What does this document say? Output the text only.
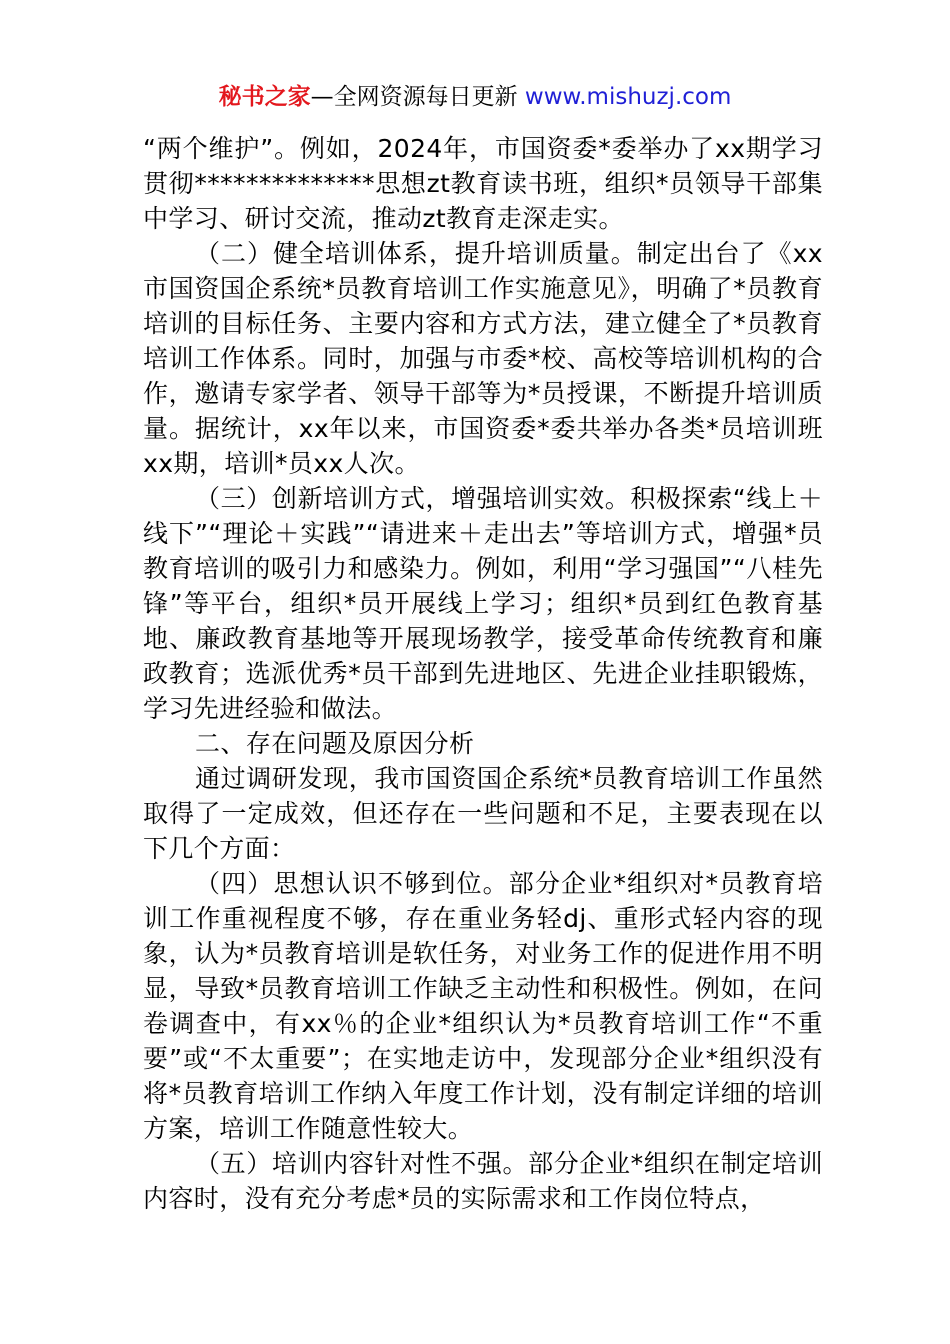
秘书之家—全网资源每日更新 www.mishuzj.com

“两个维护”。例如，2024年，市国资委*委举办了xx期学习贯彻**************思想zt教育读书班，组织*员领导干部集中学习、研讨交流，推动zt教育走深走实。

（二）健全培训体系，提升培训质量。制定出台了《xx市国资国企系统*员教育培训工作实施意见》，明确了*员教育培训的目标任务、主要内容和方式方法，建立健全了*员教育培训工作体系。同时，加强与市委*校、高校等培训机构的合作，邀请专家学者、领导干部等为*员授课，不断提升培训质量。据统计，xx年以来，市国资委*委共举办各类*员培训班xx期，培训*员xx人次。

（三）创新培训方式，增强培训实效。积极探索“线上＋线下”“理论＋实践”“请进来＋走出去”等培训方式，增强*员教育培训的吸引力和感染力。例如，利用“学习强国”“八桂先锋”等平台，组织*员开展线上学习；组织*员到红色教育基地、廉政教育基地等开展现场教学，接受革命传统教育和廉政教育；选派优秀*员干部到先进地区、先进企业挂职锻炼，学习先进经验和做法。

二、存在问题及原因分析

通过调研发现，我市国资国企系统*员教育培训工作虽然取得了一定成效，但还存在一些问题和不足，主要表现在以下几个方面：

（四）思想认识不够到位。部分企业*组织对*员教育培训工作重视程度不够，存在重业务轻dj、重形式轻内容的现象，认为*员教育培训是软任务，对业务工作的促进作用不明显，导致*员教育培训工作缺乏主动性和积极性。例如，在问卷调查中，有xx％的企业*组织认为*员教育培训工作“不重要”或“不太重要”；在实地走访中，发现部分企业*组织没有将*员教育培训工作纳入年度工作计划，没有制定详细的培训方案，培训工作随意性较大。

（五）培训内容针对性不强。部分企业*组织在制定培训内容时，没有充分考虑*员的实际需求和工作岗位特点，
